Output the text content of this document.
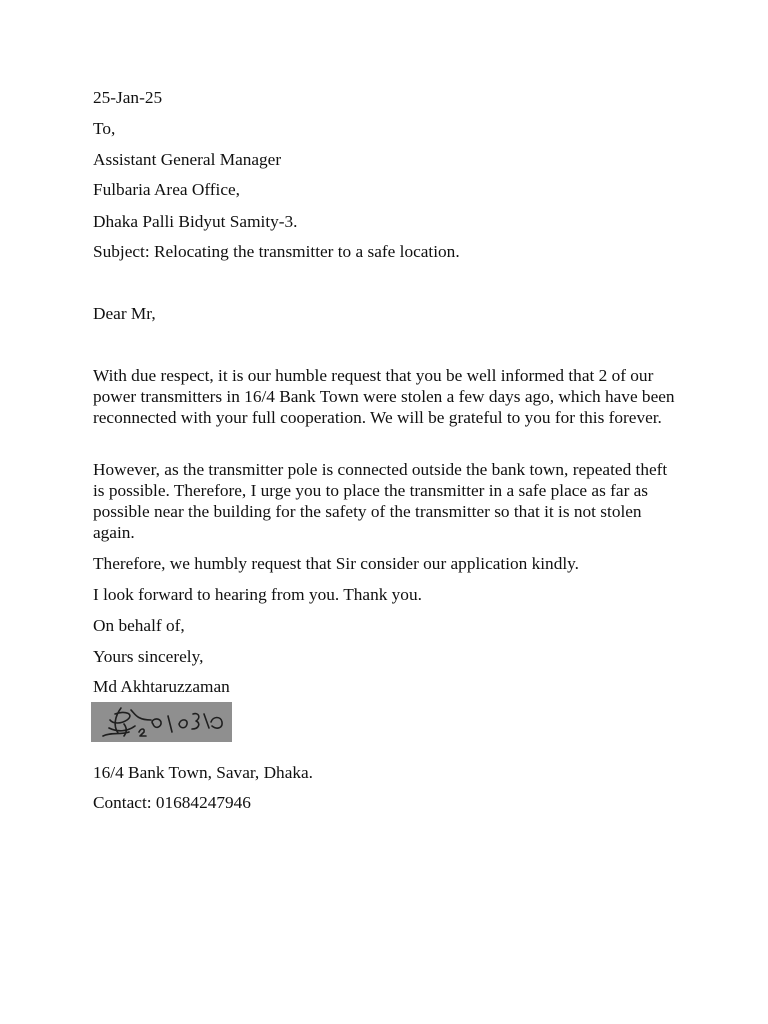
25-Jan-25

To,

Assistant General Manager

Fulbaria Area Office,

Dhaka Palli Bidyut Samity-3.

Subject: Relocating the transmitter to a safe location.

Dear Mr,

With due respect, it is our humble request that you be well informed that 2 of our power transmitters in 16/4 Bank Town were stolen a few days ago, which have been reconnected with your full cooperation. We will be grateful to you for this forever.

However, as the transmitter pole is connected outside the bank town, repeated theft is possible. Therefore, I urge you to place the transmitter in a safe place as far as possible near the building for the safety of the transmitter so that it is not stolen again.

Therefore, we humbly request that Sir consider our application kindly.

I look forward to hearing from you. Thank you.

On behalf of,

Yours sincerely,

Md Akhtaruzzaman

16/4 Bank Town, Savar, Dhaka.

Contact: 01684247946
